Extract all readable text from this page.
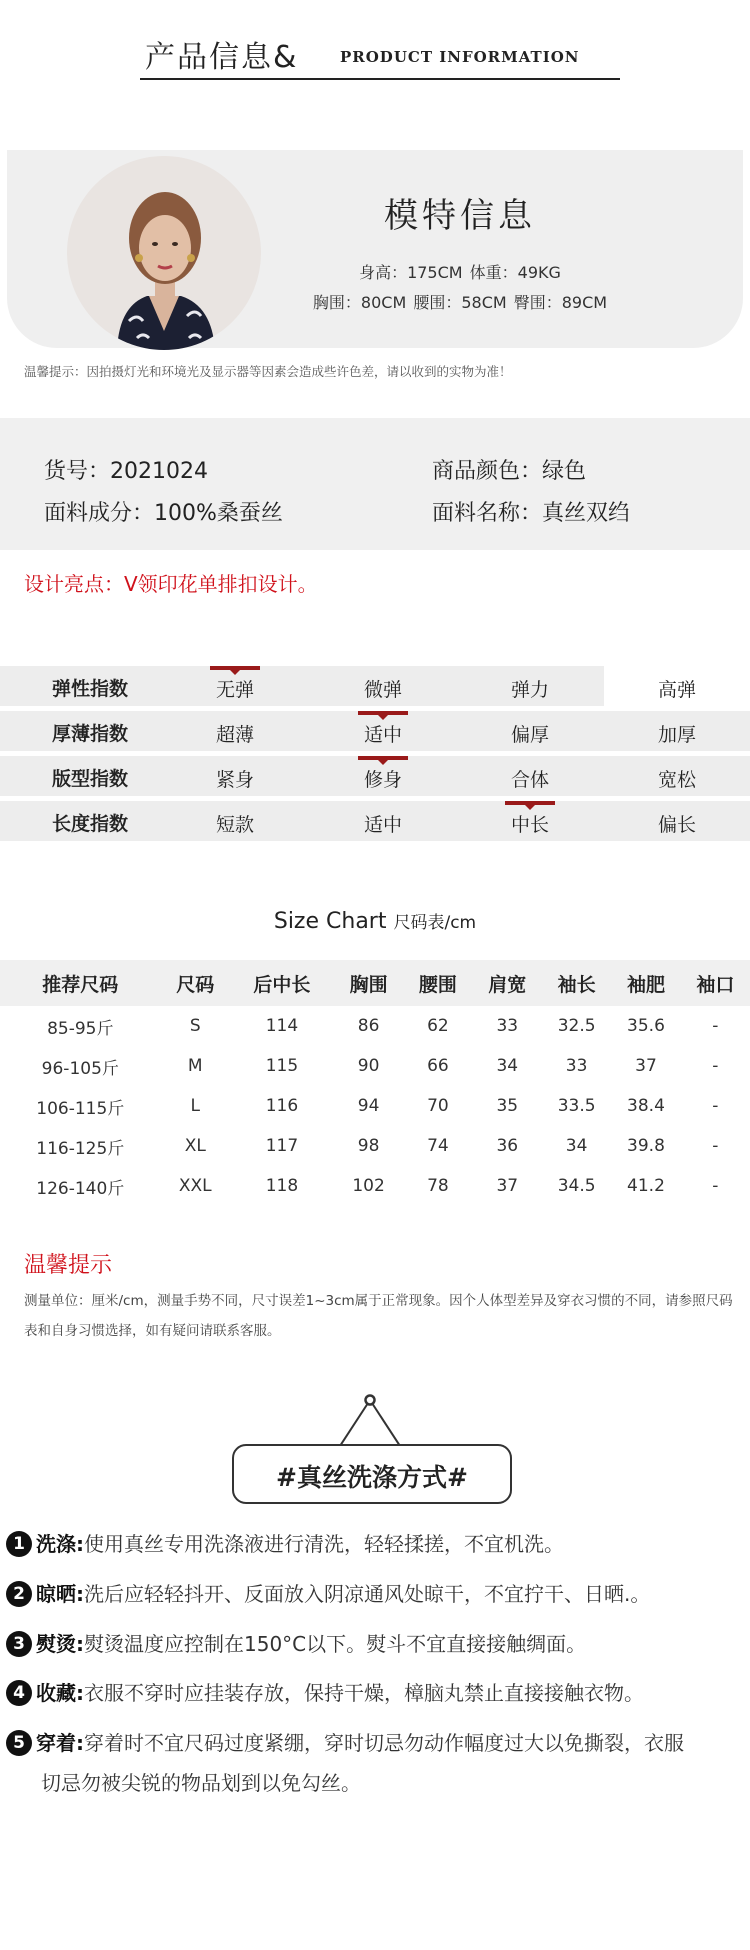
产品信息&	PRODUCT INFORMATION
模特信息
身高：175CM 体重：49KG
胸围：80CM 腰围：58CM 臀围：89CM
温馨提示：因拍摄灯光和环境光及显示器等因素会造成些许色差，请以收到的实物为准！
货号：2021024	商品颜色：绿色
面料成分：100%桑蚕丝	面料名称：真丝双绉
设计亮点：V领印花单排扣设计。
弹性指数	无弹	微弹	弹力	高弹
厚薄指数	超薄	适中	偏厚	加厚
版型指数	紧身	修身	合体	宽松
长度指数	短款	适中	中长	偏长
Size Chart 尺码表/cm
推荐尺码	尺码	后中长	胸围	腰围	肩宽	袖长	袖肥	袖口
85-95斤	S	114	86	62	33	32.5	35.6	-
96-105斤	M	115	90	66	34	33	37	-
106-115斤	L	116	94	70	35	33.5	38.4	-
116-125斤	XL	117	98	74	36	34	39.8	-
126-140斤	XXL	118	102	78	37	34.5	41.2	-
温馨提示
测量单位：厘米/cm，测量手势不同，尺寸误差1~3cm属于正常现象。因个人体型差异及穿衣习惯的不同，请参照尺码表和自身习惯选择，如有疑问请联系客服。
#真丝洗涤方式#
1 洗涤:使用真丝专用洗涤液进行清洗，轻轻揉搓，不宜机洗。
2 晾晒:洗后应轻轻抖开、反面放入阴凉通风处晾干，不宜拧干、日晒.。
3 熨烫:熨烫温度应控制在150°C以下。熨斗不宜直接接触绸面。
4 收藏:衣服不穿时应挂装存放，保持干燥，樟脑丸禁止直接接触衣物。
5 穿着:穿着时不宜尺码过度紧绷，穿时切忌勿动作幅度过大以免撕裂，衣服
切忌勿被尖锐的物品划到以免勾丝。
